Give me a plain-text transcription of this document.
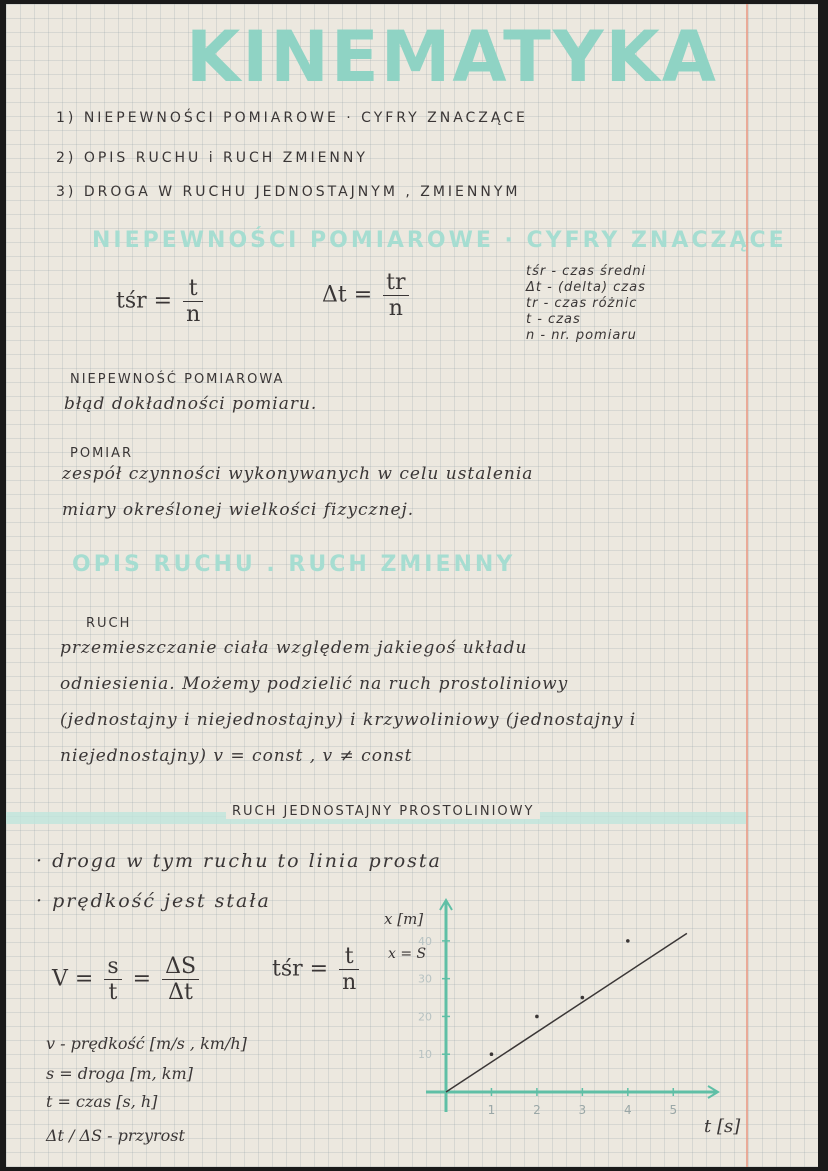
KINEMATYKA
1) NIEPEWNOŚCI POMIAROWE · CYFRY ZNACZĄCE
2) OPIS RUCHU i RUCH ZMIENNY
3) DROGA W RUCHU JEDNOSTAJNYM , ZMIENNYM
NIEPEWNOŚCI POMIAROWE · CYFRY ZNACZĄCE
tśr = $\frac{t}{n}$	$\Delta t = \frac{tr}{n}$	tśr - czas średni
Δt - (delta) czas
tr - czas różnic
t - czas
n - nr. pomiaru
NIEPEWNOŚĆ POMIAROWA
błąd dokładności pomiaru.
POMIAR
zespół czynności wykonywanych w celu ustalenia
miary określonej wielkości fizycznej.
OPIS RUCHU . RUCH ZMIENNY
RUCH
przemieszczanie ciała względem jakiegoś układu
odniesienia. Możemy podzielić na ruch prostoliniowy
(jednostajny i niejednostajny) i krzywoliniowy (jednostajny i
niejednostajny) v = const , v ≠ const
RUCH JEDNOSTAJNY PROSTOLINIOWY
· droga w tym ruchu to linia prosta
· prędkość jest stała
$V = \frac{s}{t} = \frac{\Delta S}{\Delta t}$	tśr = $\frac{t}{n}$
v - prędkość [m/s , km/h]
s = droga [m, km]
t = czas [s, h]
Δt / ΔS - przyrost
1	2	3	4	5
10
20
30
40
x [m]
x = S
t [s]
